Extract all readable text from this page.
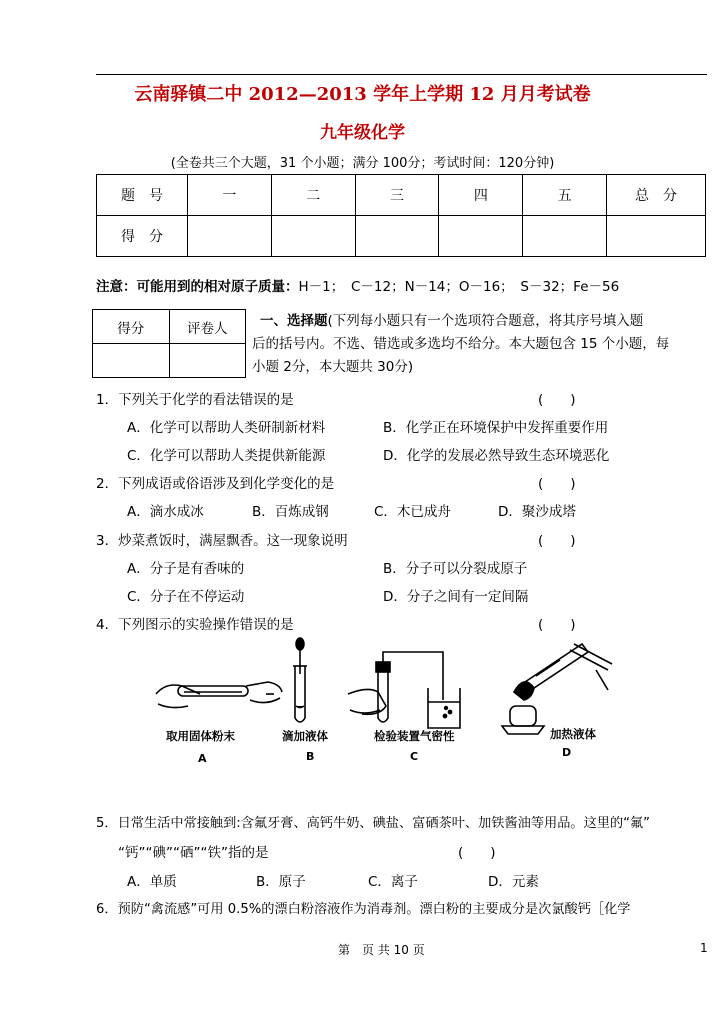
云南驿镇二中 2012—2013 学年上学期 12 月月考试卷
九年级化学
(全卷共三个大题，31 个小题；满分 100分；考试时间：120分钟)
题　号	一	二	三	四	五	总　分
得　分						
注意：可能用到的相对原子质量：H－1；　C－12；N－14；O－16；　S－32；Fe－56
得分	评卷人
		一、选择题(下列每小题只有一个选项符合题意，将其序号填入题
后的括号内。不选、错选或多选均不给分。本大题包含 15 个小题，每
小题 2分，本大题共 30分)
1．下列关于化学的看法错误的是	(　　)
A．化学可以帮助人类研制新材料	B．化学正在环境保护中发挥重要作用
C．化学可以帮助人类提供新能源	D．化学的发展必然导致生态环境恶化
2．下列成语或俗语涉及到化学变化的是	(　　)
A．滴水成冰	B．百炼成钢	C．木已成舟	D．聚沙成塔
3．炒菜煮饭时，满屋飘香。这一现象说明	(　　)
A．分子是有香味的	B．分子可以分裂成原子
C．分子在不停运动	D．分子之间有一定间隔
4．下列图示的实验操作错误的是	(　　)
取用固体粉末	滴加液体	检验装置气密性	加热液体
A	B	C	D
5．日常生活中常接触到:含氟牙膏、高钙牛奶、碘盐、富硒茶叶、加铁酱油等用品。这里的“氟”
“钙”“碘”“硒”“铁”指的是	(　　)
A．单质	B．原子	C．离子	D．元素
6．预防“禽流感”可用 0.5%的漂白粉溶液作为消毒剂。漂白粉的主要成分是次氯酸钙［化学
第　页 共 10 页	1
